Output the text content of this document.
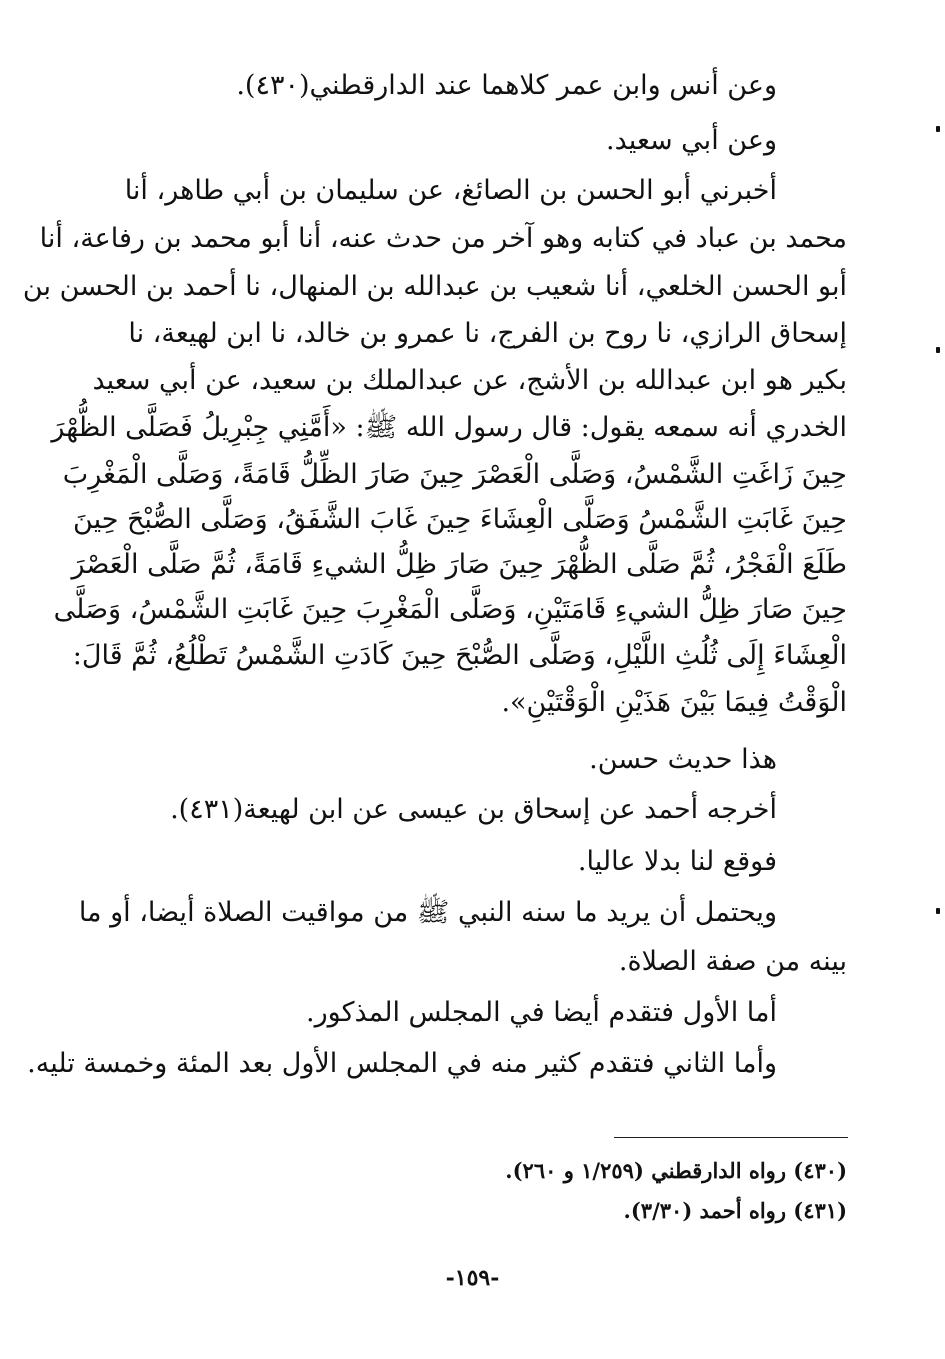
وعن أنس وابن عمر كلاهما عند الدارقطني(٤٣٠).
وعن أبي سعيد.
أخبرني أبو الحسن بن الصائغ، عن سليمان بن أبي طاهر، أنا
محمد بن عباد في كتابه وهو آخر من حدث عنه، أنا أبو محمد بن رفاعة، أنا
أبو الحسن الخلعي، أنا شعيب بن عبدالله بن المنهال، نا أحمد بن الحسن بن
إسحاق الرازي، نا روح بن الفرج، نا عمرو بن خالد، نا ابن لهيعة، نا
بكير هو ابن عبدالله بن الأشج، عن عبدالملك بن سعيد، عن أبي سعيد
الخدري أنه سمعه يقول: قال رسول الله ﷺ: «أَمَّنِي جِبْرِيلُ فَصَلَّى الظُّهْرَ
حِينَ زَاغَتِ الشَّمْسُ، وَصَلَّى الْعَصْرَ حِينَ صَارَ الظِّلُّ قَامَةً، وَصَلَّى الْمَغْرِبَ
حِينَ غَابَتِ الشَّمْسُ وَصَلَّى الْعِشَاءَ حِينَ غَابَ الشَّفَقُ، وَصَلَّى الصُّبْحَ حِينَ
طَلَعَ الْفَجْرُ، ثُمَّ صَلَّى الظُّهْرَ حِينَ صَارَ ظِلُّ الشيءِ قَامَةً، ثُمَّ صَلَّى الْعَصْرَ
حِينَ صَارَ ظِلُّ الشيءِ قَامَتَيْنِ، وَصَلَّى الْمَغْرِبَ حِينَ غَابَتِ الشَّمْسُ، وَصَلَّى
الْعِشَاءَ إِلَى ثُلُثِ اللَّيْلِ، وَصَلَّى الصُّبْحَ حِينَ كَادَتِ الشَّمْسُ تَطْلُعُ، ثُمَّ قَالَ:
الْوَقْتُ فِيمَا بَيْنَ هَذَيْنِ الْوَقْتَيْنِ».
هذا حديث حسن.
أخرجه أحمد عن إسحاق بن عيسى عن ابن لهيعة(٤٣١).
فوقع لنا بدلا عاليا.
ويحتمل أن يريد ما سنه النبي ﷺ من مواقيت الصلاة أيضا، أو ما
بينه من صفة الصلاة.
أما الأول فتقدم أيضا في المجلس المذكور.
وأما الثاني فتقدم كثير منه في المجلس الأول بعد المئة وخمسة تليه.
(٤٣٠) رواه الدارقطني (١/٢٥٩ و ٢٦٠).
(٤٣١) رواه أحمد (٣/٣٠).
-١٥٩-
